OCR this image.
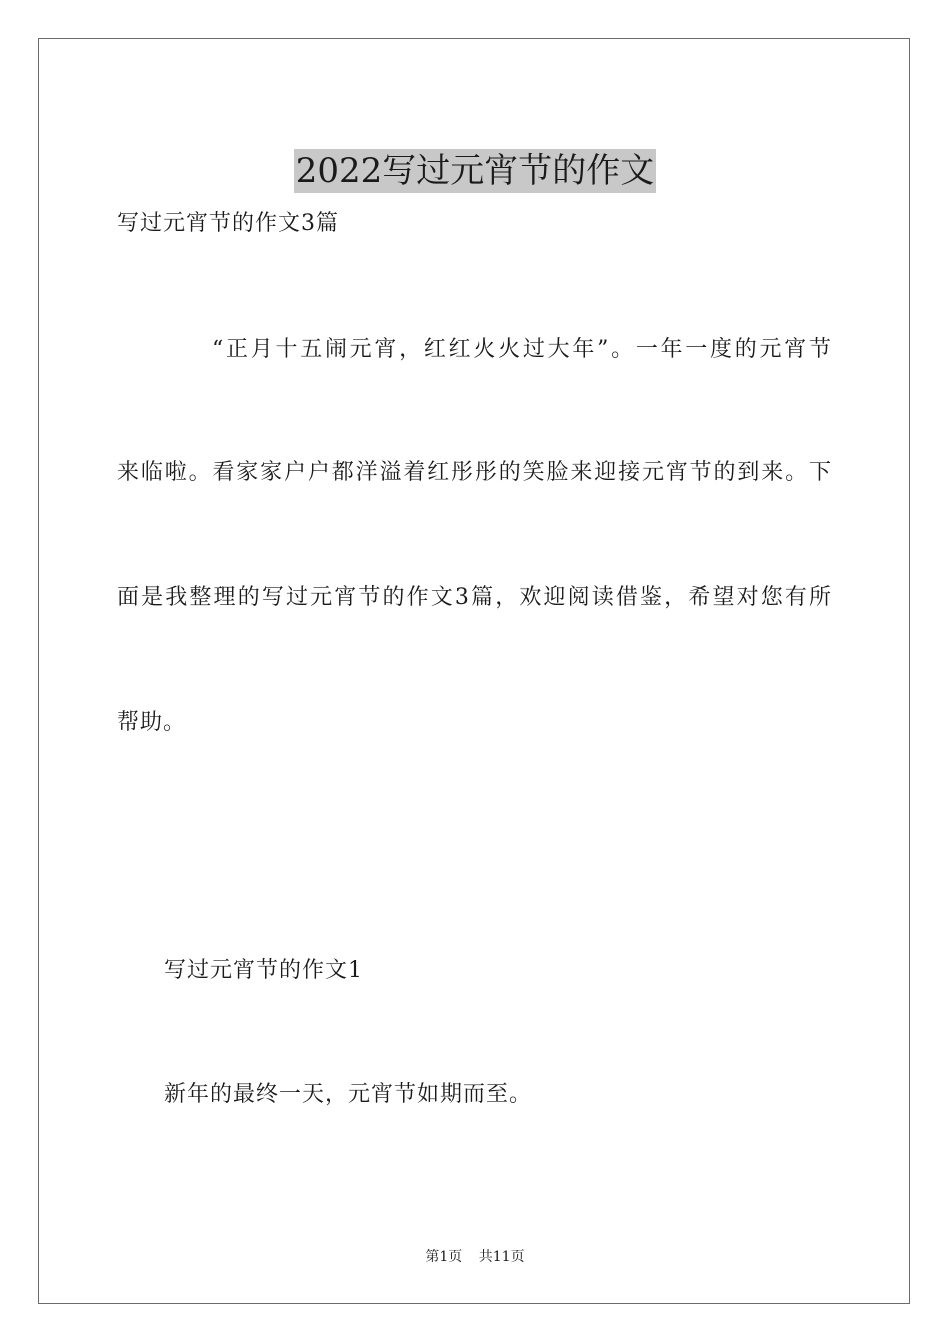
2022写过元宵节的作文
写过元宵节的作文3篇
“正月十五闹元宵，红红火火过大年”。一年一度的元宵节
来临啦。看家家户户都洋溢着红彤彤的笑脸来迎接元宵节的到来。下
面是我整理的写过元宵节的作文3篇，欢迎阅读借鉴，希望对您有所
帮助。
写过元宵节的作文1
新年的最终一天，元宵节如期而至。
第1页 共11页
